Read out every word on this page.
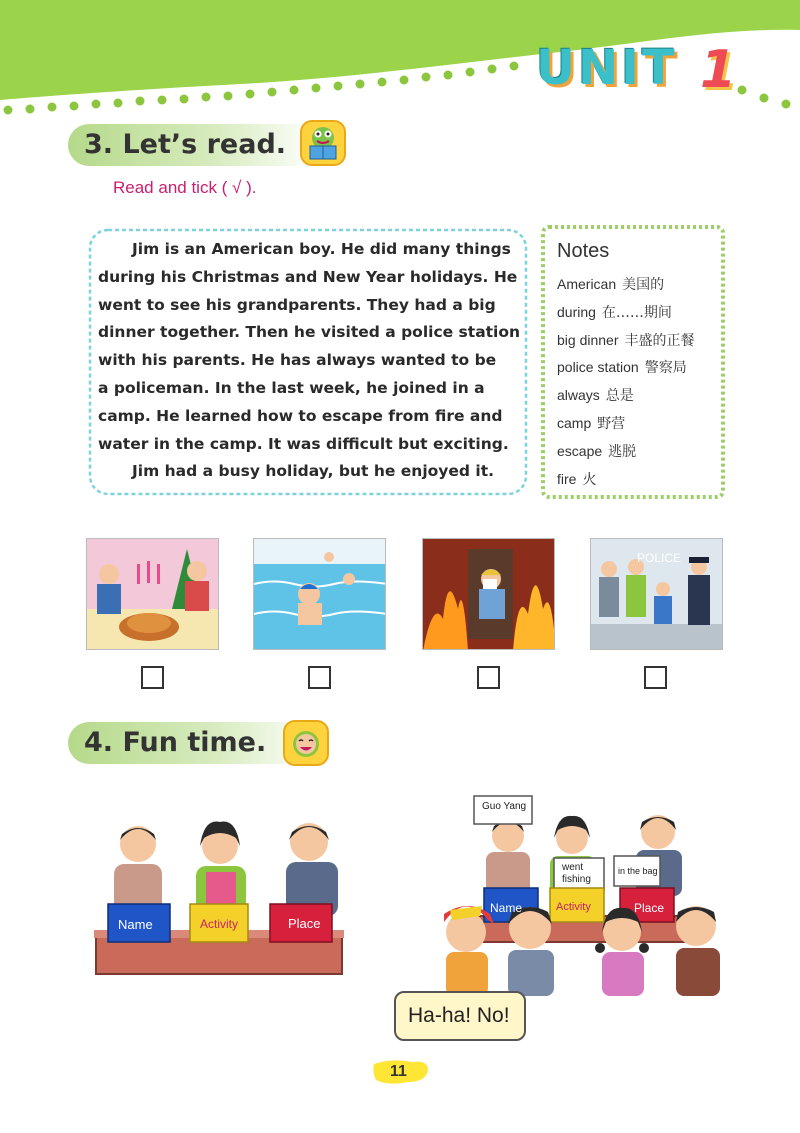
UNIT 1
3. Let’s read.
Read and tick ( √ ).
Jim is an American boy. He did many things
during his Christmas and New Year holidays. He
went to see his grandparents. They had a big
dinner together. Then he visited a police station
with his parents. He has always wanted to be
a policeman. In the last week, he joined in a
camp. He learned how to escape from fire and
water in the camp. It was difficult but exciting.
Jim had a busy holiday, but he enjoyed it.
Notes
American 美国的
during 在……期间
big dinner 丰盛的正餐
police station 警察局
always 总是
camp 野营
escape 逃脱
fire 火
POLICE
4. Fun time.
Name	Activity	Place
Guo Yang
went fishing
in the bag
Name	Activity	Place
Ha-ha! No!
11
